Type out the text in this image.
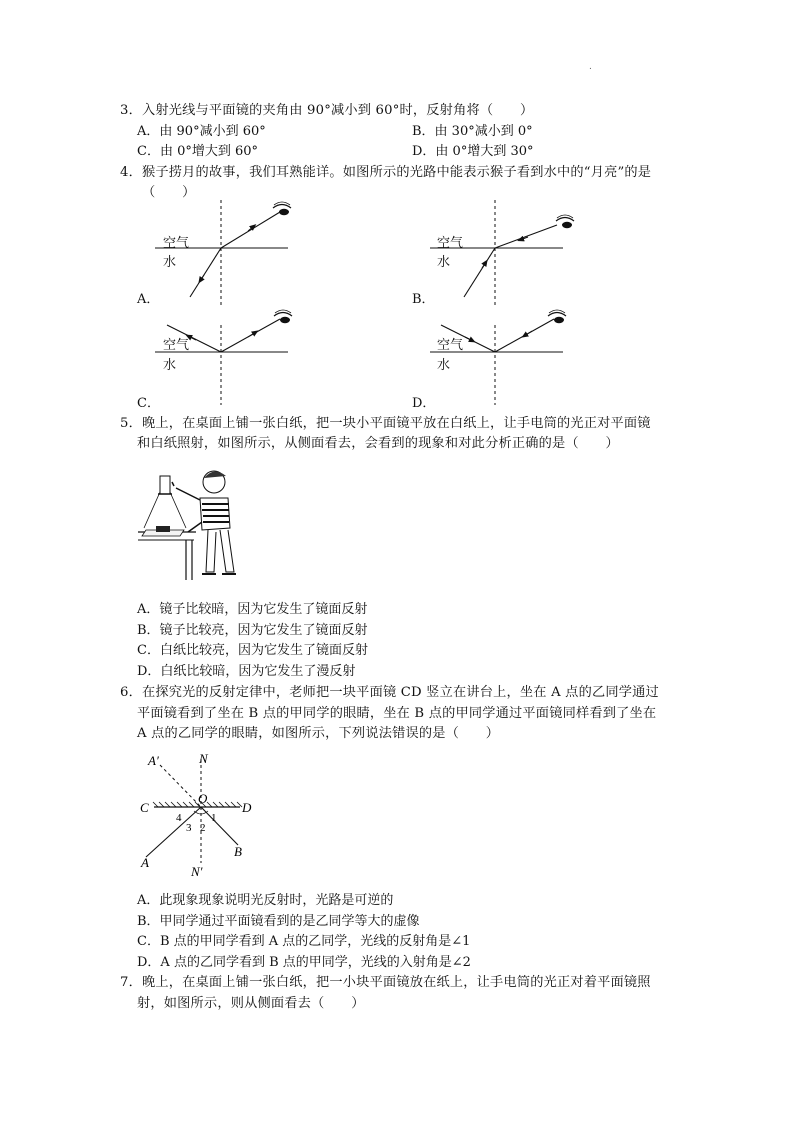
.
3．入射光线与平面镜的夹角由 90°减小到 60°时，反射角将（　　）
A．由 90°减小到 60°	B．由 30°减小到 0°
C．由 0°增大到 60°	D．由 0°增大到 30°
4．猴子捞月的故事，我们耳熟能详。如图所示的光路中能表示猴子看到水中的“月亮”的是
（　　）
空气
水
A．
空气
水
B．
空气
水
C．
空气
水
D．
5．晚上，在桌面上铺一张白纸，把一块小平面镜平放在白纸上，让手电筒的光正对平面镜
和白纸照射，如图所示，从侧面看去，会看到的现象和对此分析正确的是（　　）
A．镜子比较暗，因为它发生了镜面反射
B．镜子比较亮，因为它发生了镜面反射
C．白纸比较亮，因为它发生了镜面反射
D．白纸比较暗，因为它发生了漫反射
6．在探究光的反射定律中，老师把一块平面镜 CD 竖立在讲台上，坐在 A 点的乙同学通过
平面镜看到了坐在 B 点的甲同学的眼睛，坐在 B 点的甲同学通过平面镜同样看到了坐在
A 点的乙同学的眼睛，如图所示，下列说法错误的是（　　）
A′	N
O
C	D
4	1
3 2
A
B
N′
A．此现象现象说明光反射时，光路是可逆的
B．甲同学通过平面镜看到的是乙同学等大的虚像
C．B 点的甲同学看到 A 点的乙同学，光线的反射角是∠1
D．A 点的乙同学看到 B 点的甲同学，光线的入射角是∠2
7．晚上，在桌面上铺一张白纸，把一小块平面镜放在纸上，让手电筒的光正对着平面镜照
射，如图所示，则从侧面看去（　　）
